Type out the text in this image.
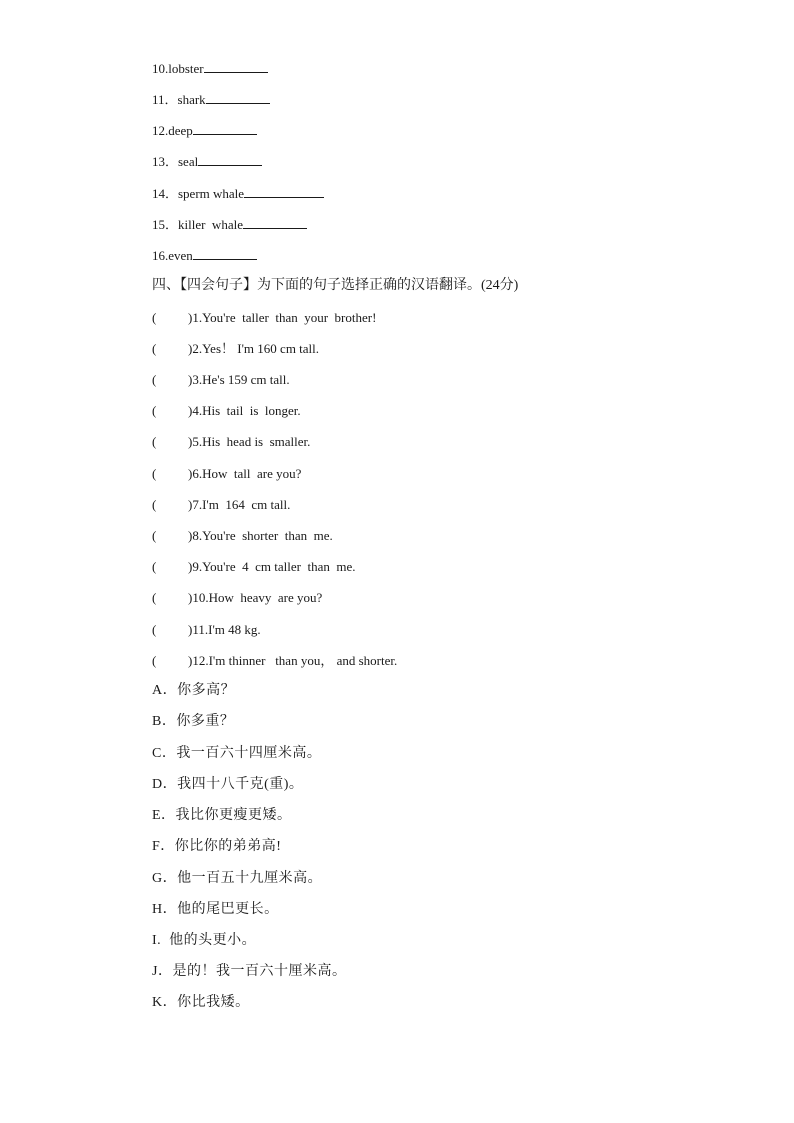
10.lobster
11．shark
12.deep
13．seal
14．sperm whale
15．killer  whale
16.even
四、【四会句子】为下面的句子选择正确的汉语翻译。(24分)
( )1.You're  taller  than  your  brother!
( )2.Yes！ I'm 160 cm tall.
( )3.He's 159 cm tall.
( )4.His  tail  is  longer.
( )5.His  head is  smaller.
( )6.How  tall  are you?
( )7.I'm  164  cm tall.
( )8.You're  shorter  than  me.
( )9.You're  4  cm taller  than  me.
( )10.How  heavy  are you?
( )11.I'm 48 kg.
( )12.I'm thinner   than you， and shorter.
A．你多高？
B．你多重？
C．我一百六十四厘米高。
D．我四十八千克(重)。
E．我比你更瘦更矮。
F．你比你的弟弟高!
G．他一百五十九厘米高。
H．他的尾巴更长。
I.  他的头更小。
J．是的！我一百六十厘米高。
K．你比我矮。
